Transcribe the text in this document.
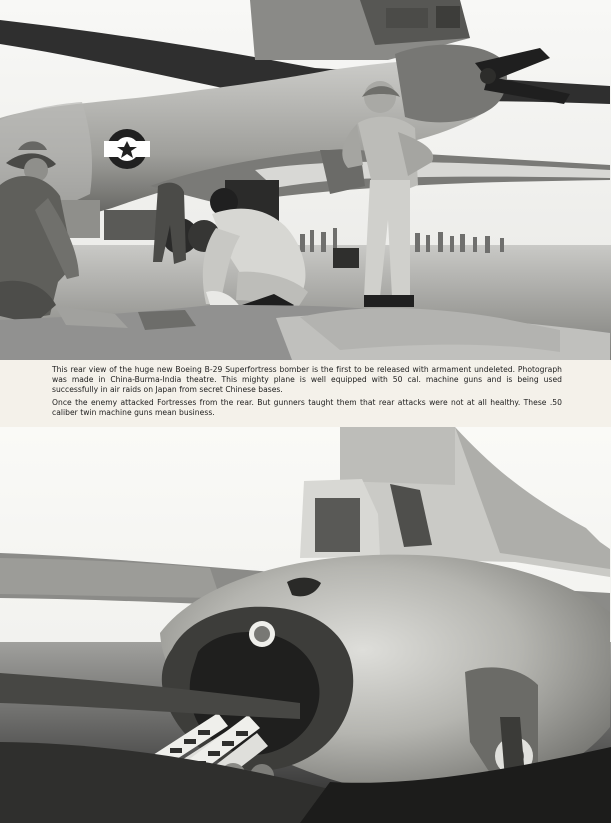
This rear view of the huge new Boeing B-29 Superfortress bomber is the first to be released with armament undeleted. Photograph was made in China-Burma-India theatre. This mighty plane is well equipped with 50 cal. machine guns and is being used successfully in air raids on Japan from secret Chinese bases.

Once the enemy attacked Fortresses from the rear. But gunners taught them that rear attacks were not at all healthy. These .50 caliber twin machine guns mean business.
